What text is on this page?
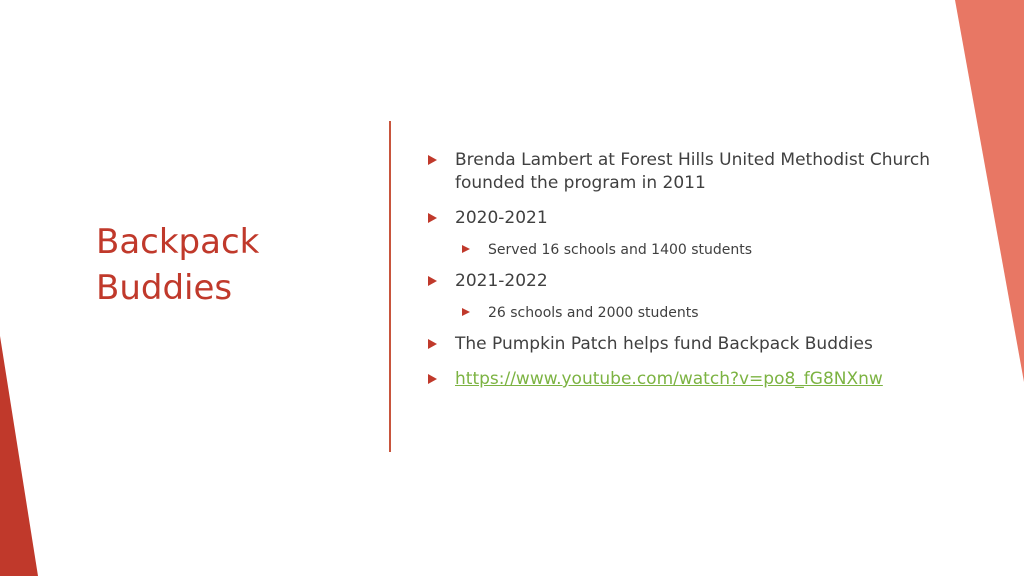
Backpack
Buddies
Brenda Lambert at Forest Hills United Methodist Church founded the program in 2011
2020-2021
Served 16 schools and 1400 students
2021-2022
26 schools and 2000 students
The Pumpkin Patch helps fund Backpack Buddies
https://www.youtube.com/watch?v=po8_fG8NXnw
